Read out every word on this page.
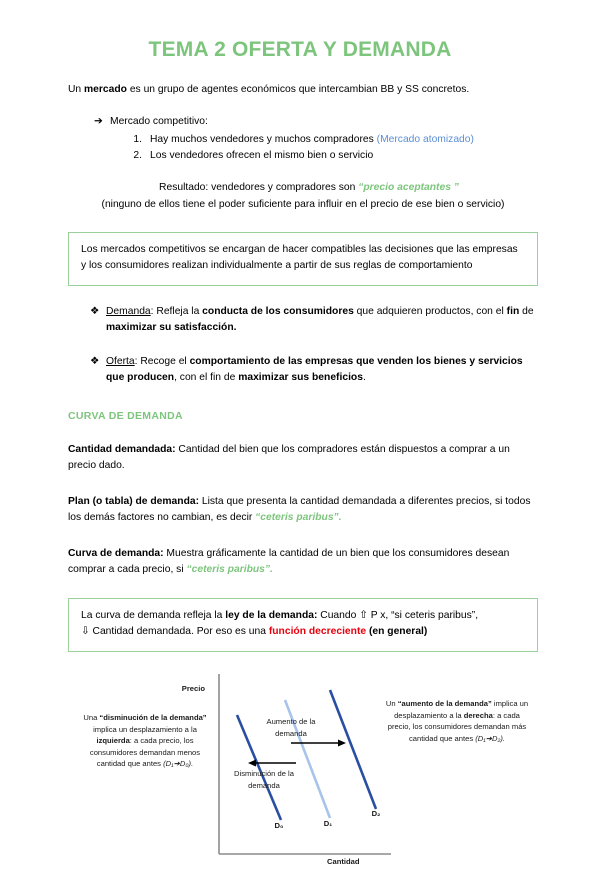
TEMA 2 OFERTA Y DEMANDA

Un mercado es un grupo de agentes económicos que intercambian BB y SS concretos.

➔ Mercado competitivo:
1. Hay muchos vendedores y muchos compradores (Mercado atomizado)
2. Los vendedores ofrecen el mismo bien o servicio
Resultado: vendedores y compradores son “precio aceptantes ”
(ninguno de ellos tiene el poder suficiente para influir en el precio de ese bien o servicio)
Los mercados competitivos se encargan de hacer compatibles las decisiones que las empresas y los consumidores realizan individualmente a partir de sus reglas de comportamiento
❖ Demanda: Refleja la conducta de los consumidores que adquieren productos, con el fin de maximizar su satisfacción.
❖ Oferta: Recoge el comportamiento de las empresas que venden los bienes y servicios que producen, con el fin de maximizar sus beneficios.
CURVA DE DEMANDA

Cantidad demandada: Cantidad del bien que los compradores están dispuestos a comprar a un precio dado.

Plan (o tabla) de demanda: Lista que presenta la cantidad demandada a diferentes precios, si todos los demás factores no cambian, es decir “ceteris paribus”.

Curva de demanda: Muestra gráficamente la cantidad de un bien que los consumidores desean comprar a cada precio, si “ceteris paribus”.

La curva de demanda refleja la ley de la demanda: Cuando ⇧ P x, “si ceteris paribus”,
⇩ Cantidad demandada. Por eso es una función decreciente (en general)
Una “disminución de la demanda” implica un desplazamiento a la izquierda: a cada precio, los consumidores demandan menos cantidad que antes (D₁➔D₀).
Un “aumento de la demanda” implica un desplazamiento a la derecha: a cada precio, los consumidores demandan más cantidad que antes (D₁➔D₂).
Aumento de la demanda
Disminución de la demanda
Precio
Cantidad
D₀	D₁
D₂
